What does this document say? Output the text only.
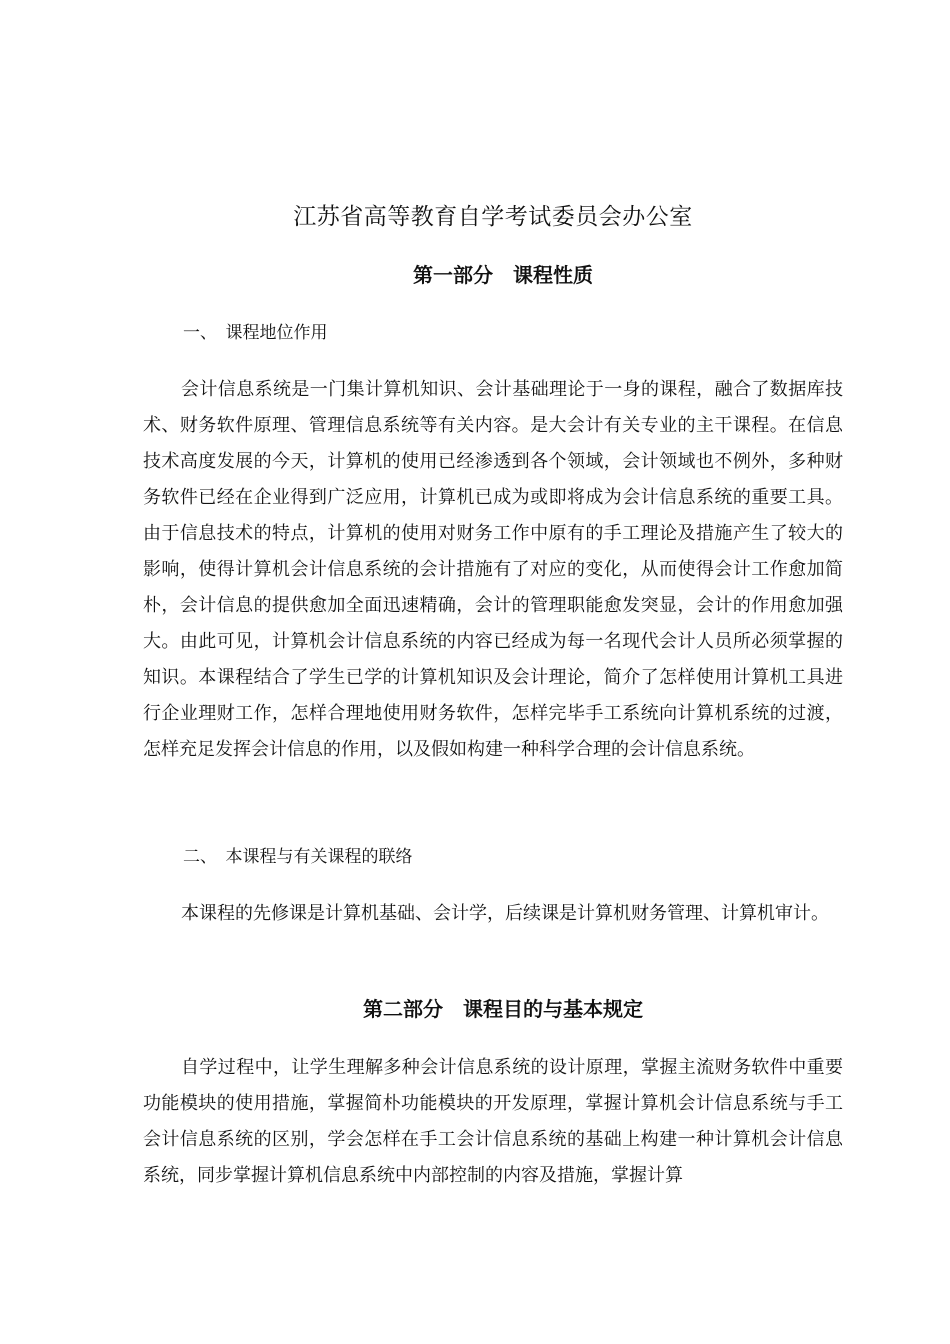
江苏省高等教育自学考试委员会办公室
第一部分　课程性质
一、　课程地位作用

会计信息系统是一门集计算机知识、会计基础理论于一身的课程，融合了数据库技术、财务软件原理、管理信息系统等有关内容。是大会计有关专业的主干课程。在信息技术高度发展的今天，计算机的使用已经渗透到各个领域，会计领域也不例外，多种财务软件已经在企业得到广泛应用，计算机已成为或即将成为会计信息系统的重要工具。由于信息技术的特点，计算机的使用对财务工作中原有的手工理论及措施产生了较大的影响，使得计算机会计信息系统的会计措施有了对应的变化，从而使得会计工作愈加简朴，会计信息的提供愈加全面迅速精确，会计的管理职能愈发突显，会计的作用愈加强大。由此可见，计算机会计信息系统的内容已经成为每一名现代会计人员所必须掌握的知识。本课程结合了学生已学的计算机知识及会计理论，简介了怎样使用计算机工具进行企业理财工作，怎样合理地使用财务软件，怎样完毕手工系统向计算机系统的过渡，怎样充足发挥会计信息的作用，以及假如构建一种科学合理的会计信息系统。

二、　本课程与有关课程的联络

本课程的先修课是计算机基础、会计学，后续课是计算机财务管理、计算机审计。

第二部分　课程目的与基本规定

自学过程中，让学生理解多种会计信息系统的设计原理，掌握主流财务软件中重要功能模块的使用措施，掌握简朴功能模块的开发原理，掌握计算机会计信息系统与手工会计信息系统的区别，学会怎样在手工会计信息系统的基础上构建一种计算机会计信息系统，同步掌握计算机信息系统中内部控制的内容及措施，掌握计算
